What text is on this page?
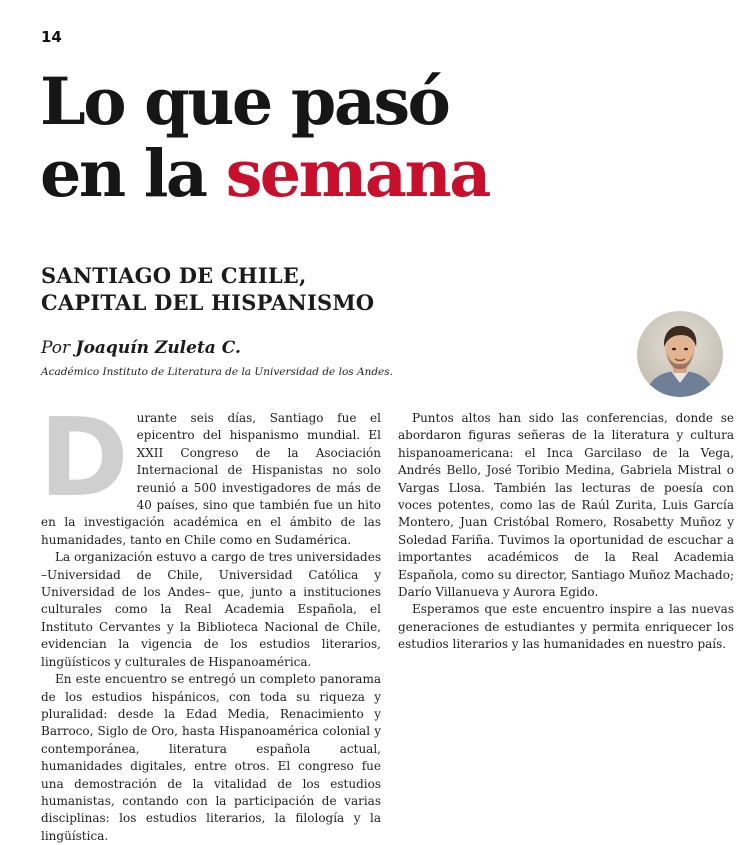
14
Lo que pasó
en la semana
SANTIAGO DE CHILE,
CAPITAL DEL HISPANISMO
Por Joaquín Zuleta C.
Académico Instituto de Literatura de la Universidad de los Andes.

Durante seis días, Santiago fue el epicentro del hispanismo mundial. El XXII Congreso de la Asociación Internacional de Hispanistas no solo reunió a 500 investigadores de más de 40 países, sino que también fue un hito en la investigación académica en el ámbito de las humanidades, tanto en Chile como en Sudamérica.

La organización estuvo a cargo de tres universidades –Universidad de Chile, Universidad Católica y Universidad de los Andes– que, junto a instituciones culturales como la Real Academia Española, el Instituto Cervantes y la Biblioteca Nacional de Chile, evidencian la vigencia de los estudios literarios, lingüísticos y culturales de Hispanoamérica.

En este encuentro se entregó un completo panorama de los estudios hispánicos, con toda su riqueza y pluralidad: desde la Edad Media, Renacimiento y Barroco, Siglo de Oro, hasta Hispanoamérica colonial y contemporánea, literatura española actual, humanidades digitales, entre otros. El congreso fue una demostración de la vitalidad de los estudios humanistas, contando con la participación de varias disciplinas: los estudios literarios, la filología y la lingüística.

Puntos altos han sido las conferencias, donde se abordaron figuras señeras de la literatura y cultura hispanoamericana: el Inca Garcilaso de la Vega, Andrés Bello, José Toribio Medina, Gabriela Mistral o Vargas Llosa. También las lecturas de poesía con voces potentes, como las de Raúl Zurita, Luis García Montero, Juan Cristóbal Romero, Rosabetty Muñoz y Soledad Fariña. Tuvimos la oportunidad de escuchar a importantes académicos de la Real Academia Española, como su director, Santiago Muñoz Machado; Darío Villanueva y Aurora Egido.

Esperamos que este encuentro inspire a las nuevas generaciones de estudiantes y permita enriquecer los estudios literarios y las humanidades en nuestro país.
